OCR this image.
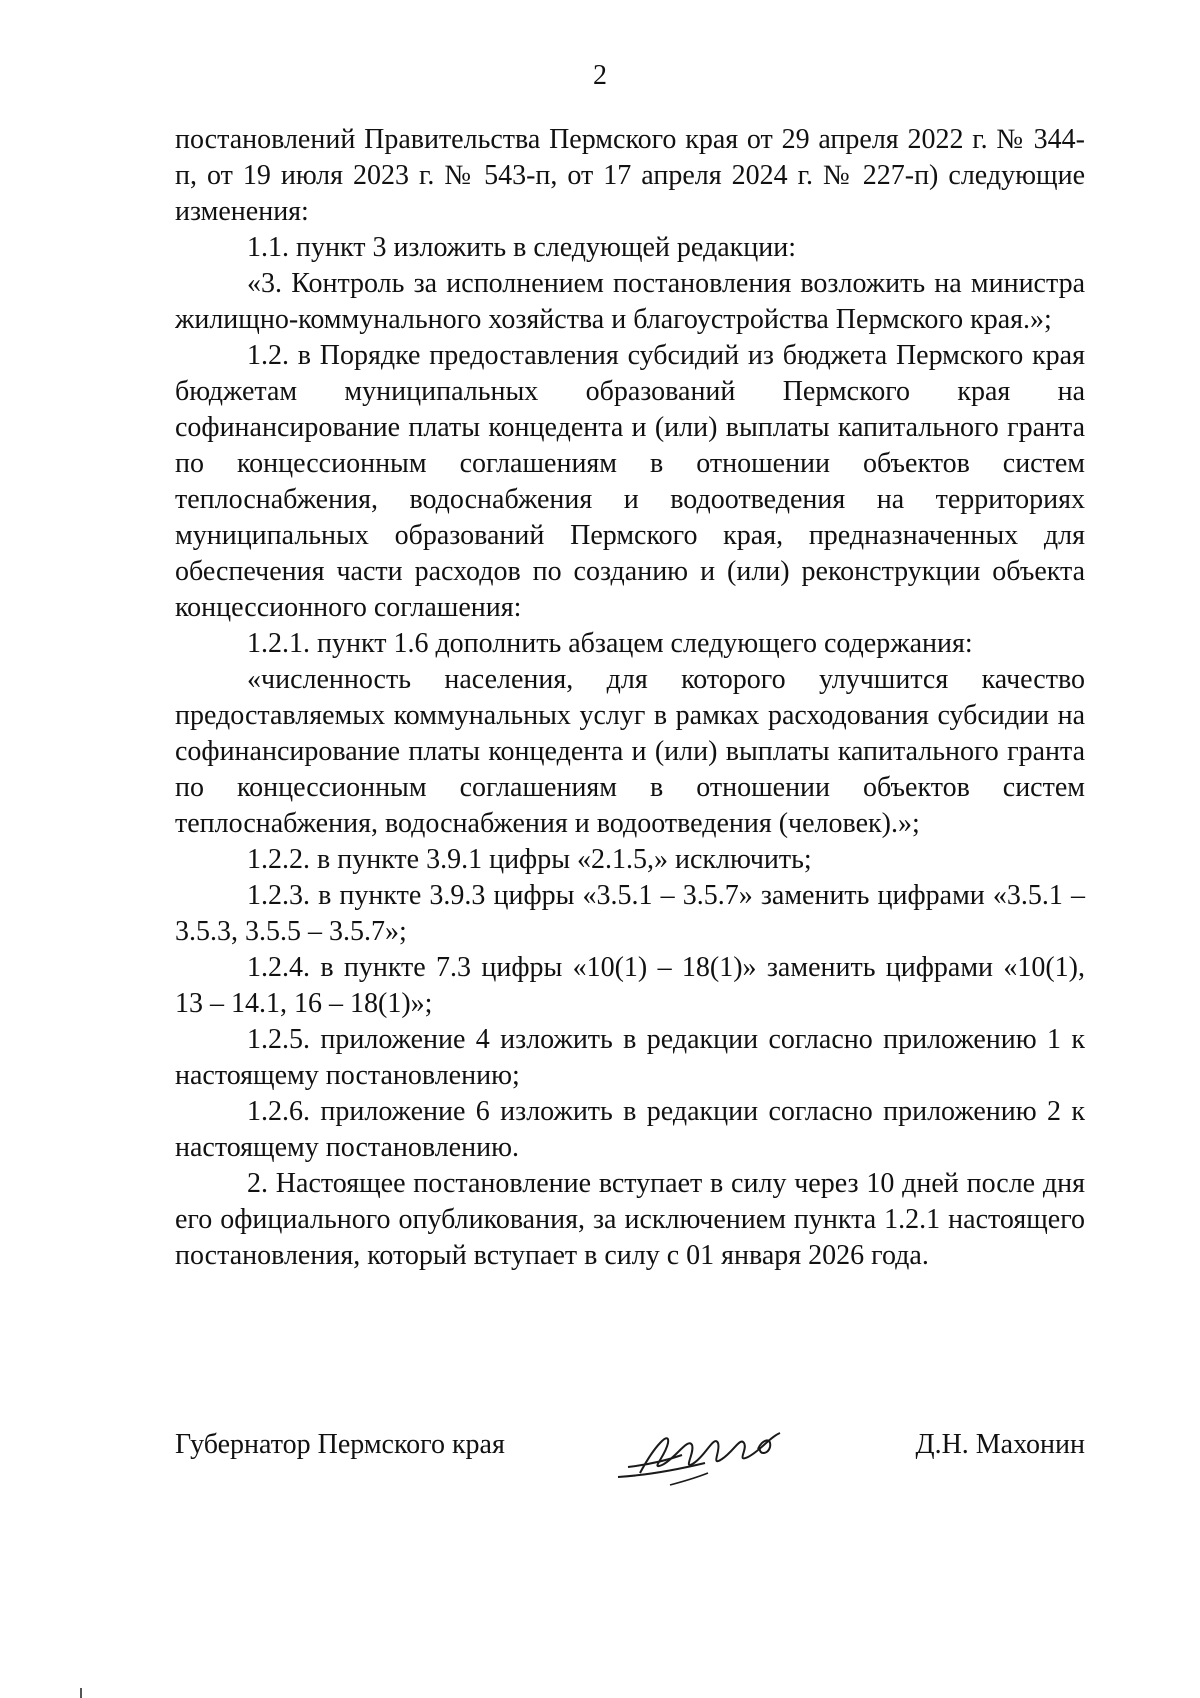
2

постановлений Правительства Пермского края от 29 апреля 2022 г. № 344-п, от 19 июля 2023 г. № 543-п, от 17 апреля 2024 г. № 227-п) следующие изменения:

1.1. пункт 3 изложить в следующей редакции:

«3. Контроль за исполнением постановления возложить на министра жилищно-коммунального хозяйства и благоустройства Пермского края.»;

1.2. в Порядке предоставления субсидий из бюджета Пермского края бюджетам муниципальных образований Пермского края на софинансирование платы концедента и (или) выплаты капитального гранта по концессионным соглашениям в отношении объектов систем теплоснабжения, водоснабжения и водоотведения на территориях муниципальных образований Пермского края, предназначенных для обеспечения части расходов по созданию и (или) реконструкции объекта концессионного соглашения:

1.2.1. пункт 1.6 дополнить абзацем следующего содержания:

«численность населения, для которого улучшится качество предоставляемых коммунальных услуг в рамках расходования субсидии на софинансирование платы концедента и (или) выплаты капитального гранта по концессионным соглашениям в отношении объектов систем теплоснабжения, водоснабжения и водоотведения (человек).»;

1.2.2. в пункте 3.9.1 цифры «2.1.5,» исключить;

1.2.3. в пункте 3.9.3 цифры «3.5.1 – 3.5.7» заменить цифрами «3.5.1 – 3.5.3, 3.5.5 – 3.5.7»;

1.2.4. в пункте 7.3 цифры «10(1) – 18(1)» заменить цифрами «10(1), 13 – 14.1, 16 – 18(1)»;

1.2.5. приложение 4 изложить в редакции согласно приложению 1 к настоящему постановлению;

1.2.6. приложение 6 изложить в редакции согласно приложению 2 к настоящему постановлению.

2. Настоящее постановление вступает в силу через 10 дней после дня его официального опубликования, за исключением пункта 1.2.1 настоящего постановления, который вступает в силу с 01 января 2026 года.

Губернатор Пермского края	Д.Н. Махонин
